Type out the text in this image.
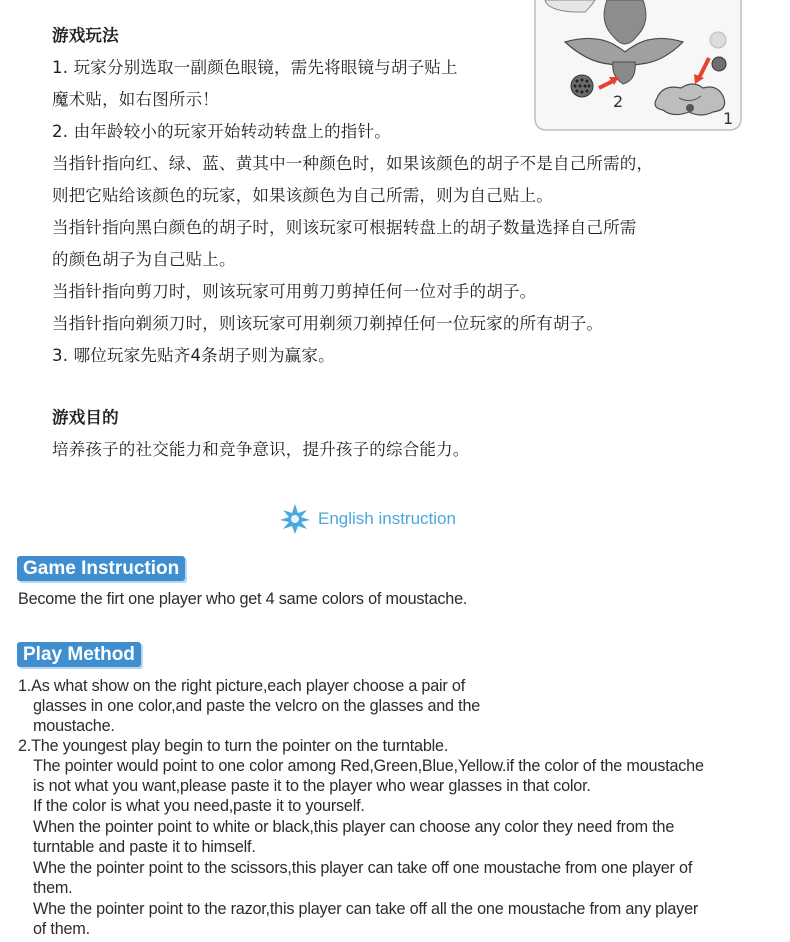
游戏玩法
1. 玩家分别选取一副颜色眼镜，需先将眼镜与胡子贴上
魔术贴，如右图所示！
2. 由年龄较小的玩家开始转动转盘上的指针。
当指针指向红、绿、蓝、黄其中一种颜色时，如果该颜色的胡子不是自己所需的，
则把它贴给该颜色的玩家，如果该颜色为自己所需，则为自己贴上。
当指针指向黑白颜色的胡子时，则该玩家可根据转盘上的胡子数量选择自己所需
的颜色胡子为自己贴上。
当指针指向剪刀时，则该玩家可用剪刀剪掉任何一位对手的胡子。
当指针指向剃须刀时，则该玩家可用剃须刀剃掉任何一位玩家的所有胡子。
3. 哪位玩家先贴齐4条胡子则为赢家。
游戏目的
培养孩子的社交能力和竞争意识，提升孩子的综合能力。
2
1
English instruction
Game Instruction
Become the firt one player who get 4 same colors of moustache.
Play Method
1.As what show on the right picture,each player choose a pair of
glasses in one color,and paste the velcro on the glasses and the
moustache.
2.The youngest play begin to turn the pointer on the turntable.
The pointer would point to one color among Red,Green,Blue,Yellow.if the color of the moustache
is not what you want,please paste it to the player who wear glasses in that color.
If the color is what you need,paste it to yourself.
When the pointer point to white or black,this player can choose any color they need from the
turntable and paste it to himself.
Whe the pointer point to the scissors,this player can take off one moustache from one player of
them.
Whe the pointer point to the razor,this player can take off all the one moustache from any player
of them.
